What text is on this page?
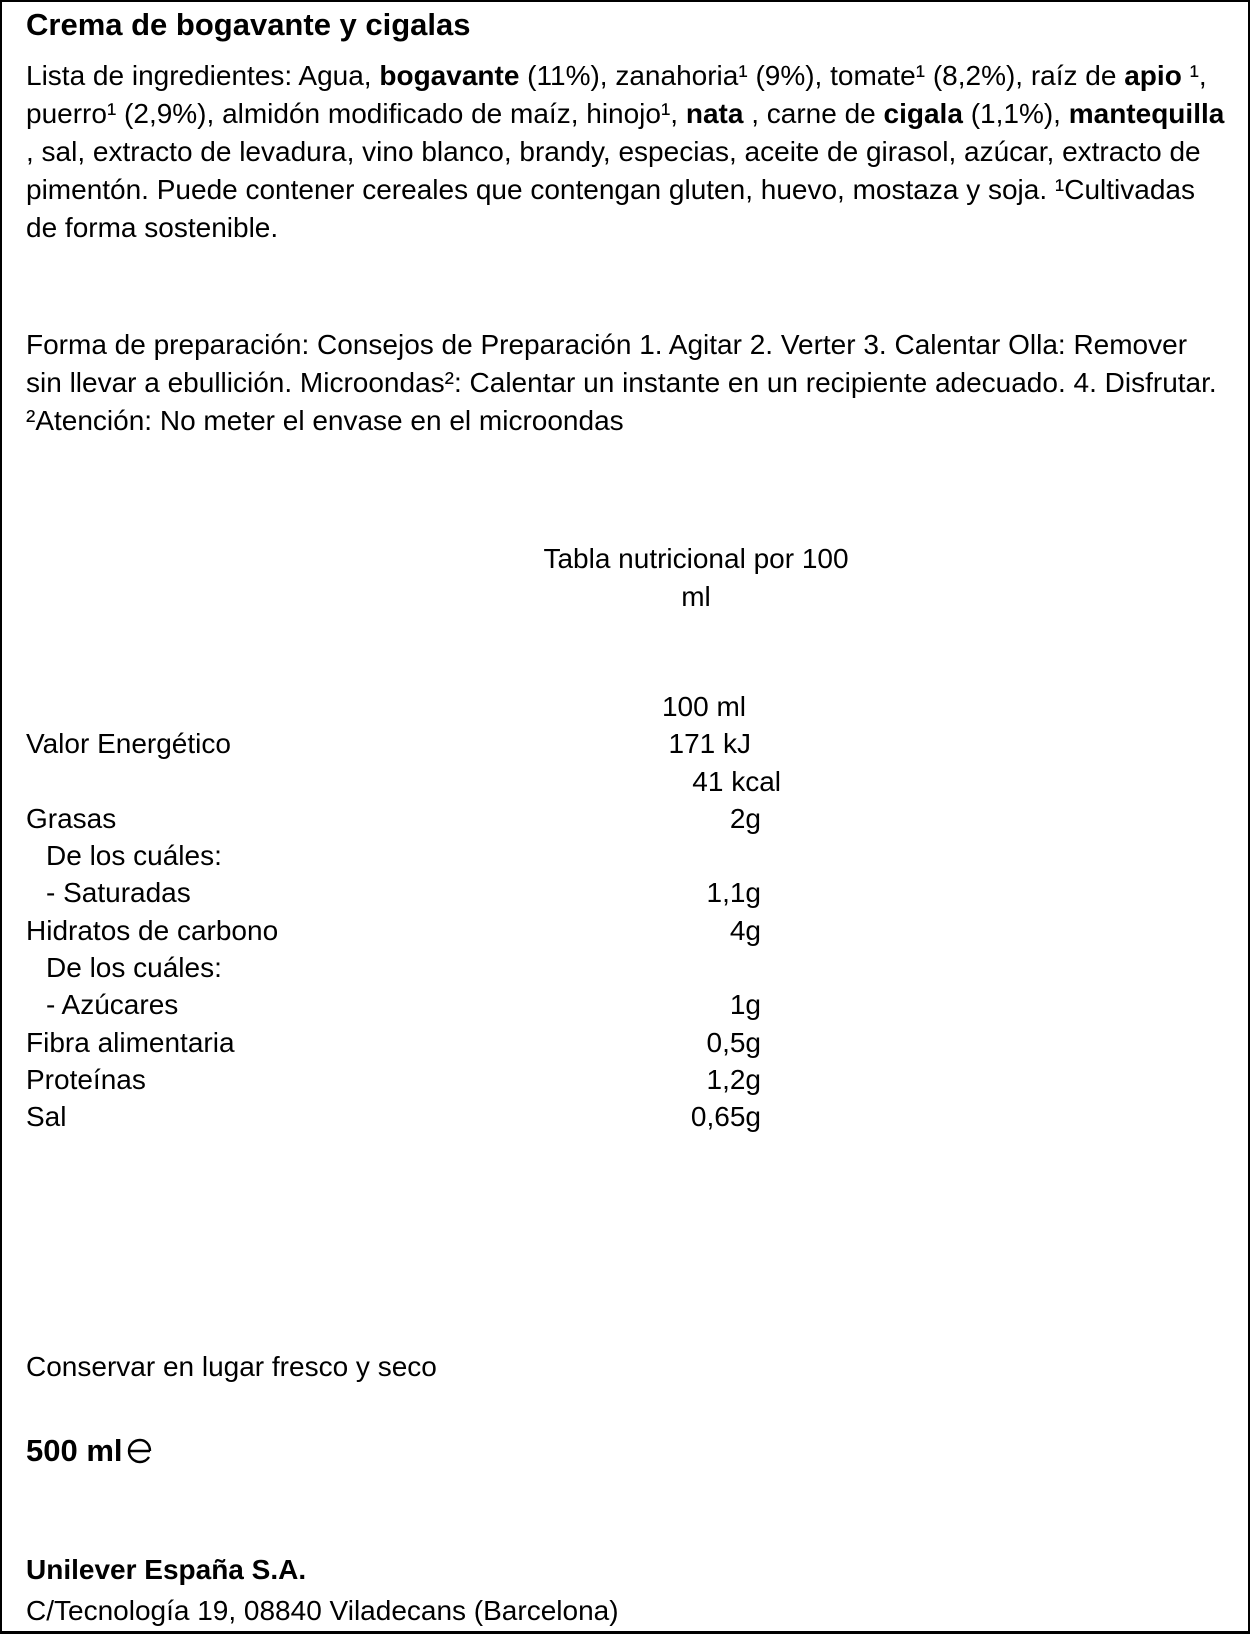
Crema de bogavante y cigalas
Lista de ingredientes: Agua, bogavante (11%), zanahoria¹ (9%), tomate¹ (8,2%), raíz de apio ¹, puerro¹ (2,9%), almidón modificado de maíz, hinojo¹, nata , carne de cigala (1,1%), mantequilla , sal, extracto de levadura, vino blanco, brandy, especias, aceite de girasol, azúcar, extracto de pimentón. Puede contener cereales que contengan gluten, huevo, mostaza y soja. ¹Cultivadas de forma sostenible.
Forma de preparación: Consejos de Preparación 1. Agitar 2. Verter 3. Calentar Olla: Remover sin llevar a ebullición. Microondas²: Calentar un instante en un recipiente adecuado. 4. Disfrutar. ²Atención: No meter el envase en el microondas
Tabla nutricional por 100
ml
100 ml
Valor Energético	171 kJ
41 kcal
Grasas	2g
De los cuáles:
- Saturadas	1,1g
Hidratos de carbono	4g
De los cuáles:
- Azúcares	1g
Fibra alimentaria	0,5g
Proteínas	1,2g
Sal	0,65g
Conservar en lugar fresco y seco
500 ml
Unilever España S.A.
C/Tecnología 19, 08840 Viladecans (Barcelona)
